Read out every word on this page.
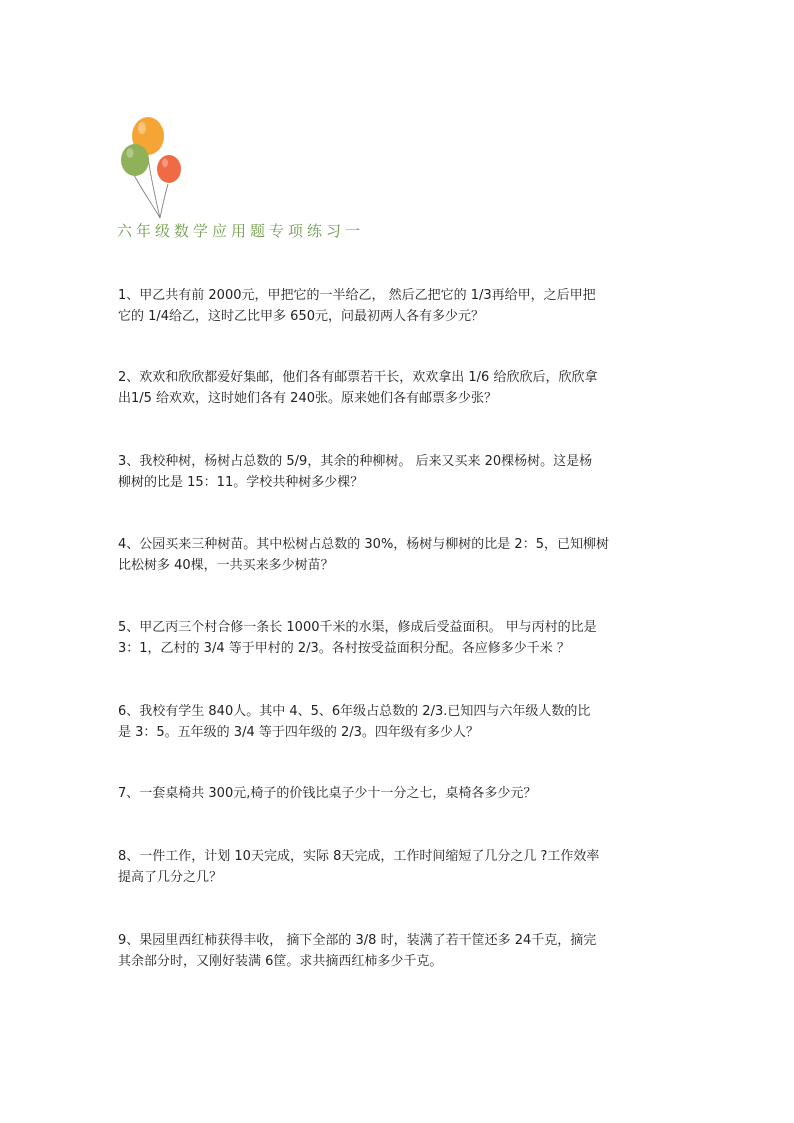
六年级数学应用题专项练习一

1、甲乙共有前 2000元，甲把它的一半给乙， 然后乙把它的 1/3再给甲，之后甲把

它的 1/4给乙，这时乙比甲多 650元，问最初两人各有多少元？

2、欢欢和欣欣都爱好集邮，他们各有邮票若干长，欢欢拿出 1/6 给欣欣后，欣欣拿

出1/5 给欢欢，这时她们各有 240张。原来她们各有邮票多少张？

3、我校种树，杨树占总数的 5/9，其余的种柳树。 后来又买来 20棵杨树。这是杨

柳树的比是 15：11。学校共种树多少棵？

4、公园买来三种树苗。其中松树占总数的 30%，杨树与柳树的比是 2：5，已知柳树

比松树多 40棵，一共买来多少树苗？

5、甲乙丙三个村合修一条长 1000千米的水渠，修成后受益面积。 甲与丙村的比是

3：1，乙村的 3/4 等于甲村的 2/3。各村按受益面积分配。各应修多少千米 ？

6、我校有学生 840人。其中 4、5、6年级占总数的 2/3.已知四与六年级人数的比

是 3：5。五年级的 3/4 等于四年级的 2/3。四年级有多少人？

7、一套桌椅共 300元,椅子的价钱比桌子少十一分之七，桌椅各多少元？

8、一件工作，计划 10天完成，实际 8天完成，工作时间缩短了几分之几 ?工作效率

提高了几分之几？

9、果园里西红柿获得丰收， 摘下全部的 3/8 时，装满了若干筐还多 24千克，摘完

其余部分时，又刚好装满 6筐。求共摘西红柿多少千克。
